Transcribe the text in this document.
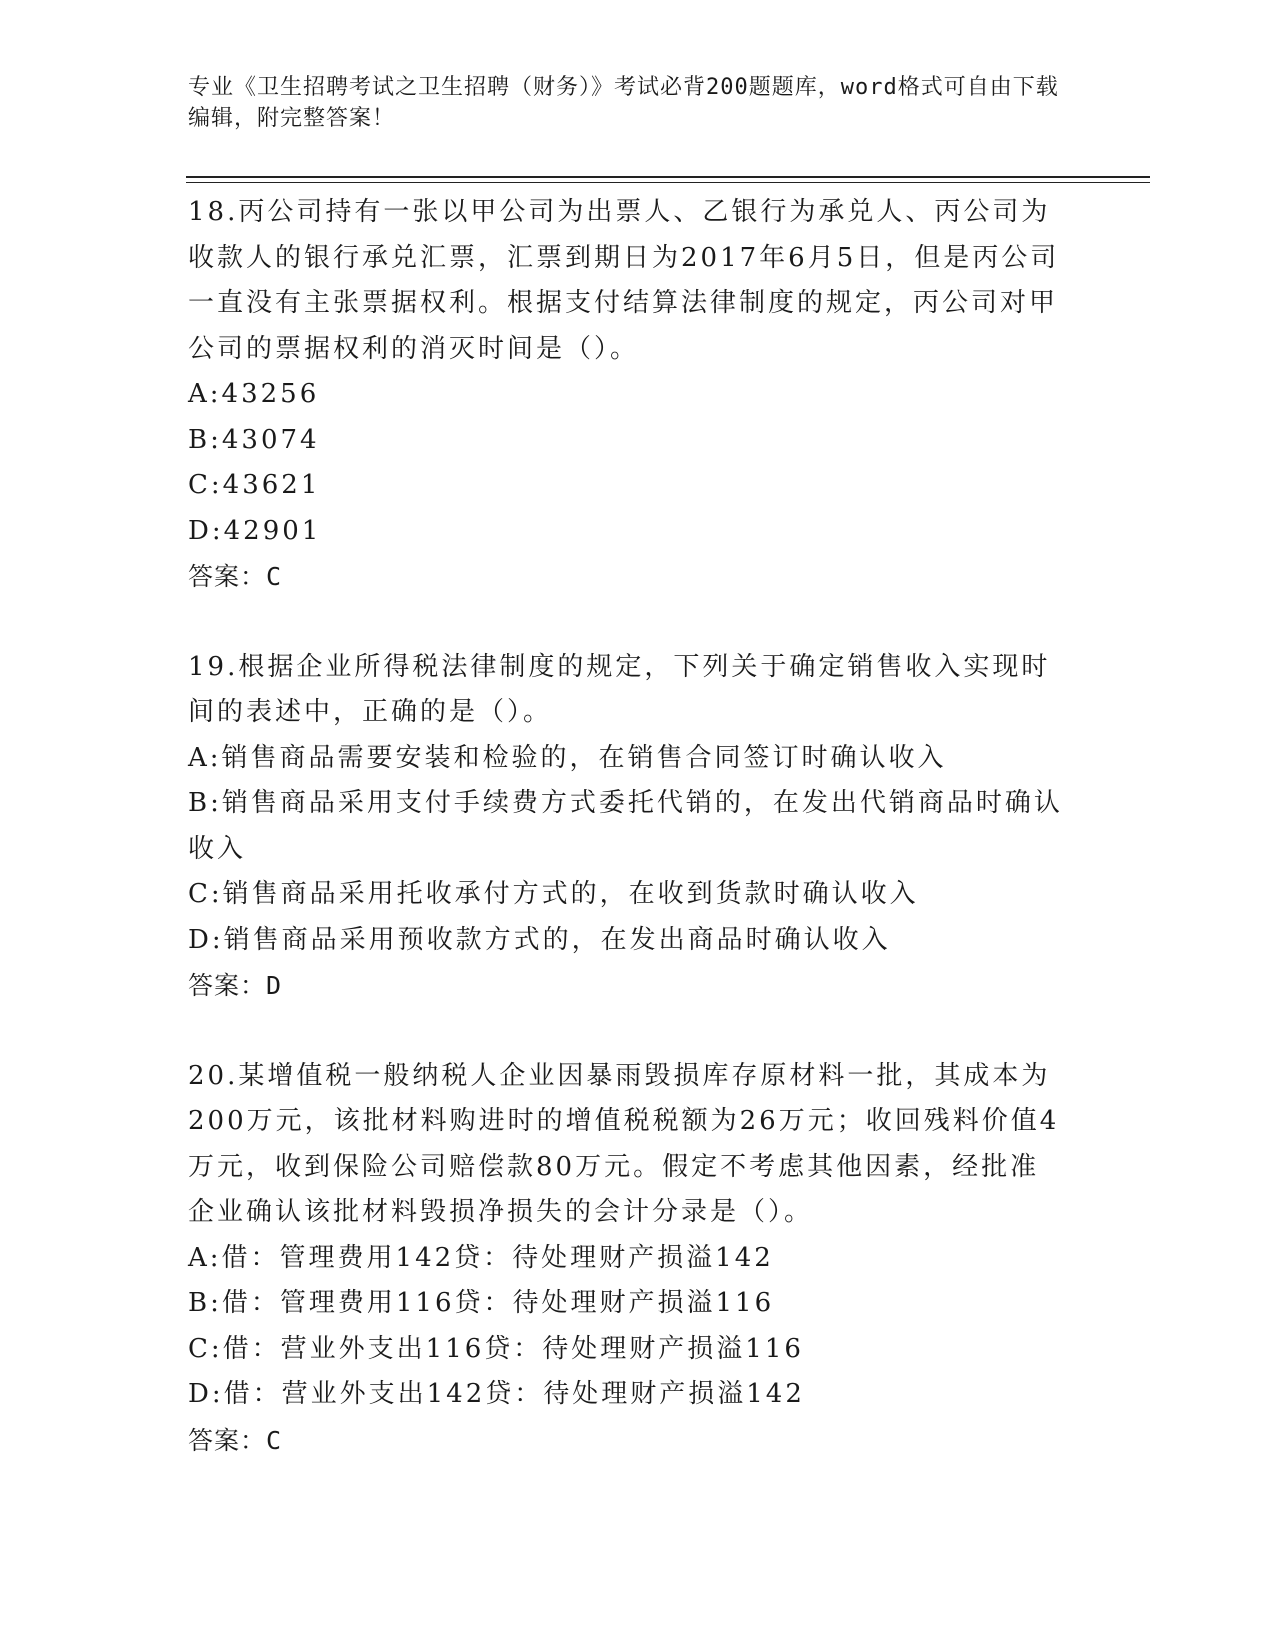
专业《卫生招聘考试之卫生招聘（财务）》考试必背200题题库，word格式可自由下载编辑，附完整答案！
18.丙公司持有一张以甲公司为出票人、乙银行为承兑人、丙公司为收款人的银行承兑汇票，汇票到期日为2017年6月5日，但是丙公司一直没有主张票据权利。根据支付结算法律制度的规定，丙公司对甲公司的票据权利的消灭时间是（）。
A:43256
B:43074
C:43621
D:42901
答案：C
19.根据企业所得税法律制度的规定，下列关于确定销售收入实现时间的表述中，正确的是（）。
A:销售商品需要安装和检验的，在销售合同签订时确认收入
B:销售商品采用支付手续费方式委托代销的，在发出代销商品时确认收入
C:销售商品采用托收承付方式的，在收到货款时确认收入
D:销售商品采用预收款方式的，在发出商品时确认收入
答案：D
20.某增值税一般纳税人企业因暴雨毁损库存原材料一批，其成本为200万元，该批材料购进时的增值税税额为26万元；收回残料价值4万元，收到保险公司赔偿款80万元。假定不考虑其他因素，经批准企业确认该批材料毁损净损失的会计分录是（）。
A:借：管理费用142贷：待处理财产损溢142
B:借：管理费用116贷：待处理财产损溢116
C:借：营业外支出116贷：待处理财产损溢116
D:借：营业外支出142贷：待处理财产损溢142
答案：C
